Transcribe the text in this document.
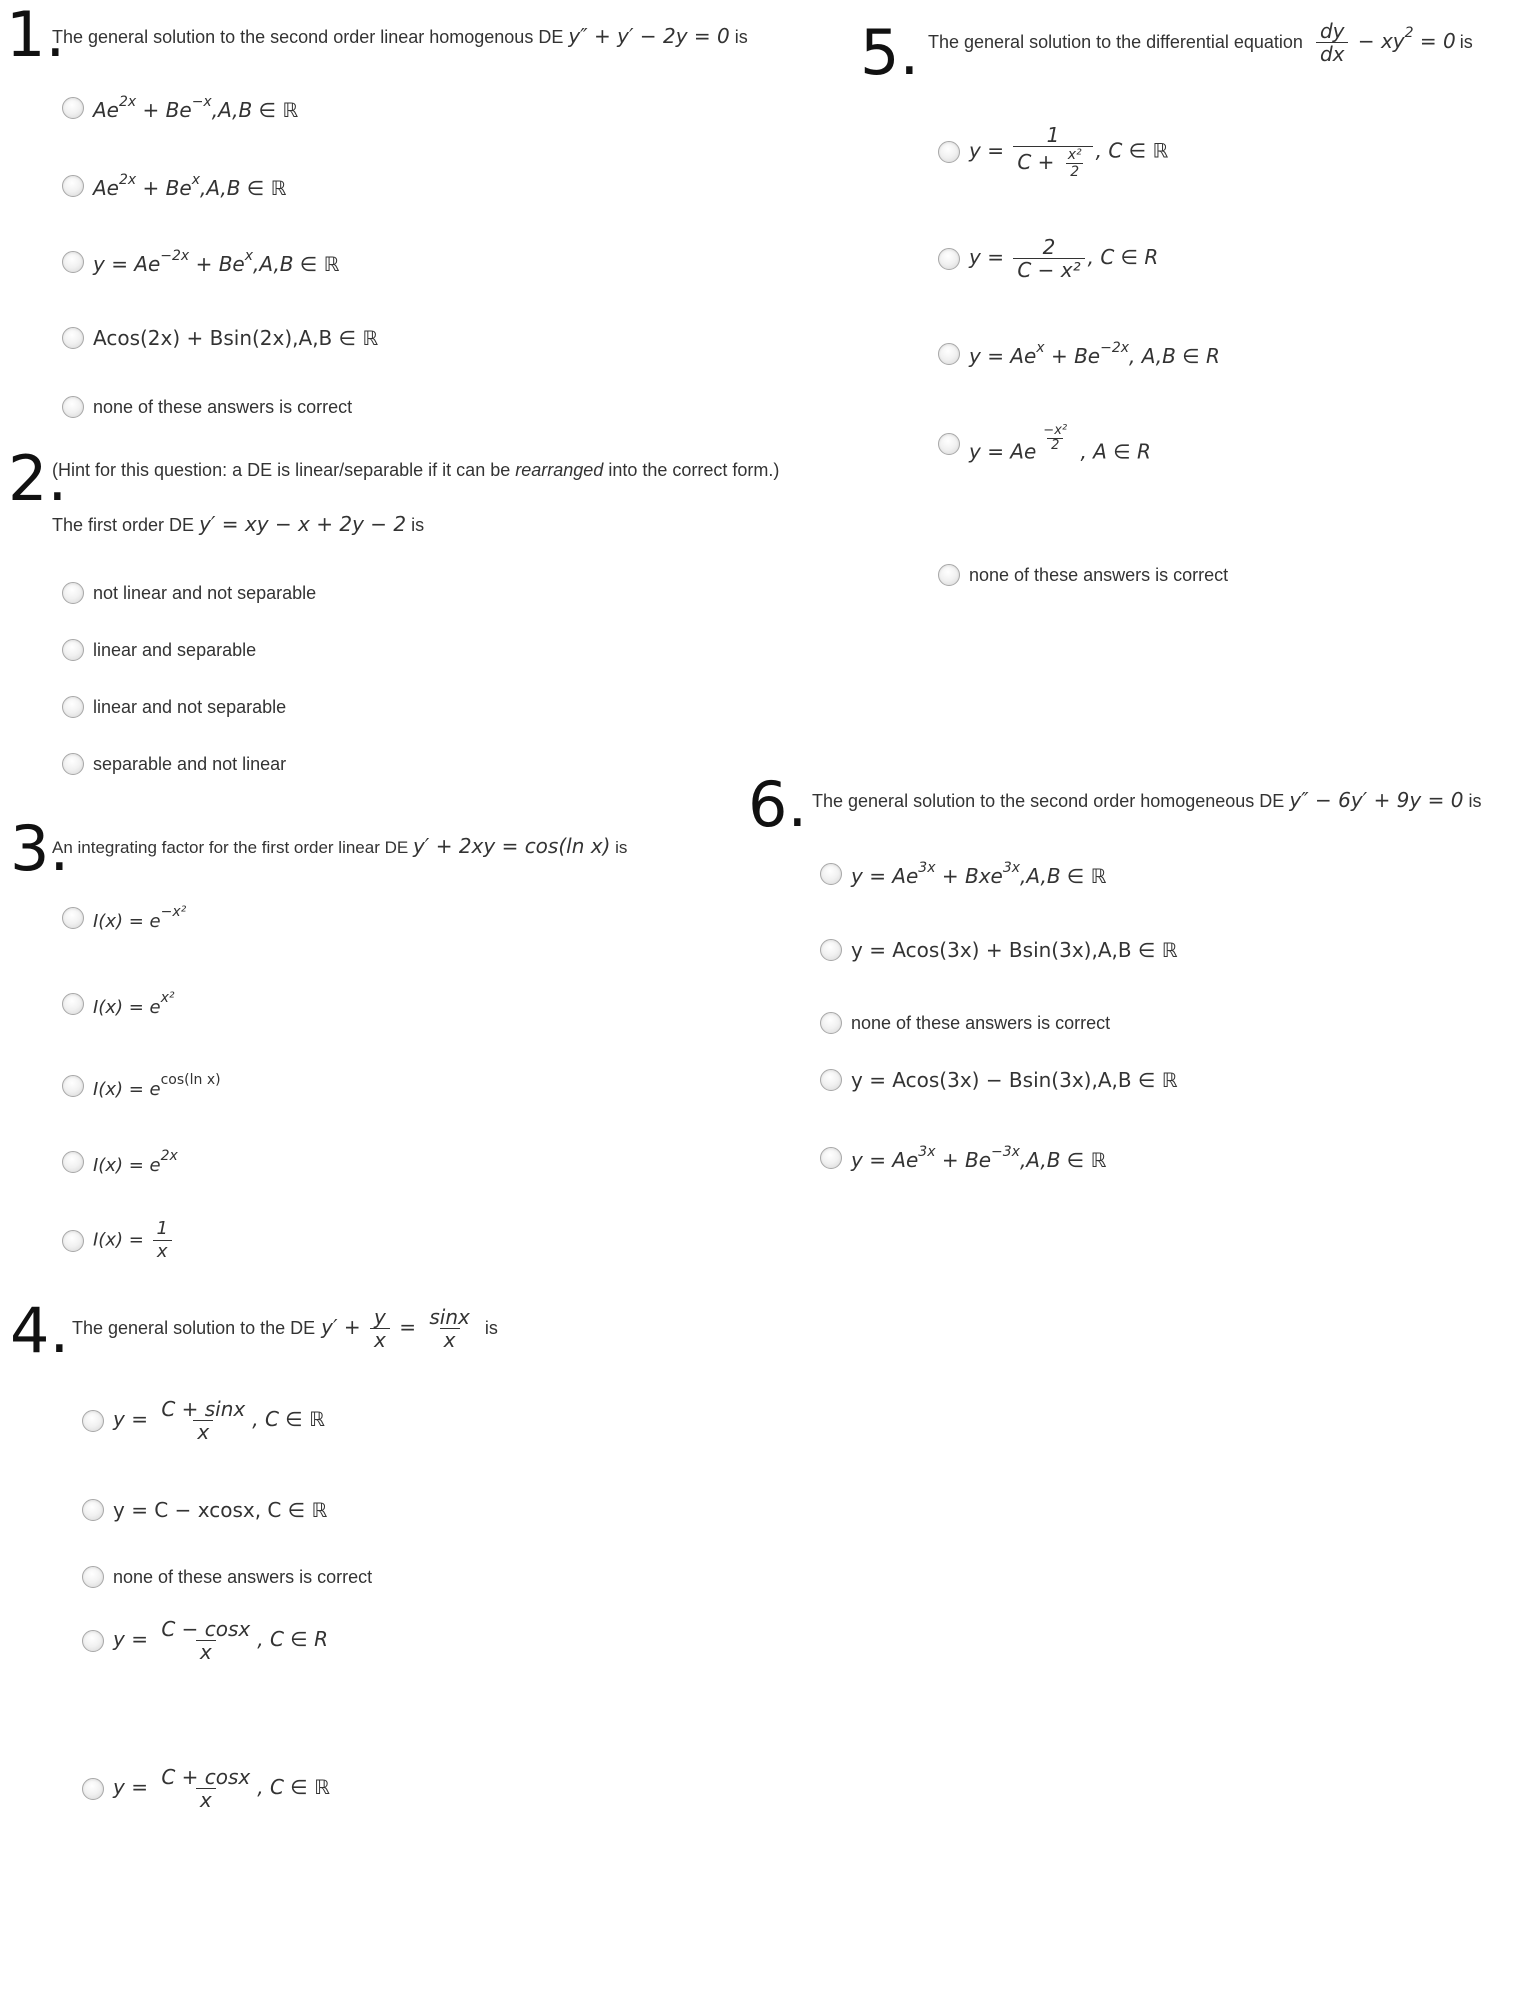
1.
The general solution to the second order linear homogenous DE y″ + y′ − 2y = 0 is
$Ae^{2x} + Be^{-x},A,B$ ∈ ℝ
$Ae^{2x} + Be^x,A,B$ ∈ ℝ
$y = Ae^{-2x} + Be^x,A,B$ ∈ ℝ
Acos(2x) + Bsin(2x),A,B ∈ ℝ
none of these answers is correct
2.
(Hint for this question: a DE is linear/separable if it can be rearranged into the correct form.)
The first order DE y′ = xy − x + 2y − 2 is
not linear and not separable
linear and separable
linear and not separable
separable and not linear
3.
An integrating factor for the first order linear DE y′ + 2xy = cos(ln x) is
$I(x) = e^{-x^2}$
$I(x) = e^{x^2}$
$I(x) = e^{cos(ln x)}$
$I(x) = e^{2x}$
$I(x) = \frac{1}{x}$
4. The general solution to the DE $y' + \frac{y}{x} = \frac{\sin x}{x}$ is
$y = \frac{C + \sin x}{x}$ , C ∈ ℝ
y = C − xcosx, C ∈ ℝ
none of these answers is correct
$y = \frac{C - \cos x}{x}$ , C ∈ R
$y = \frac{C + \cos x}{x}$ , C ∈ ℝ
5. The general solution to the differential equation $\frac{dy}{dx} - xy^2 = 0$ is
$y = \frac{1}{C + \frac{\text{x²}}{2}}$ , C ∈ ℝ
$y = \frac{2}{\text{C − x²}}$ , C ∈ R
$y = Ae^x + Be^{-2x}$, A,B ∈ R
y = Ae $^{\frac{\text{−x²}}{2}}$ , A ∈ R
none of these answers is correct
6. The general solution to the second order homogeneous DE y″ − 6y′ + 9y = 0 is
$y = Ae^{3x} + Bxe^{3x},A,B$ ∈ ℝ
y = Acos(3x) + Bsin(3x),A,B ∈ ℝ
none of these answers is correct
y = Acos(3x) − Bsin(3x),A,B ∈ ℝ
$y = Ae^{3x} + Be^{-3x},A,B$ ∈ ℝ
